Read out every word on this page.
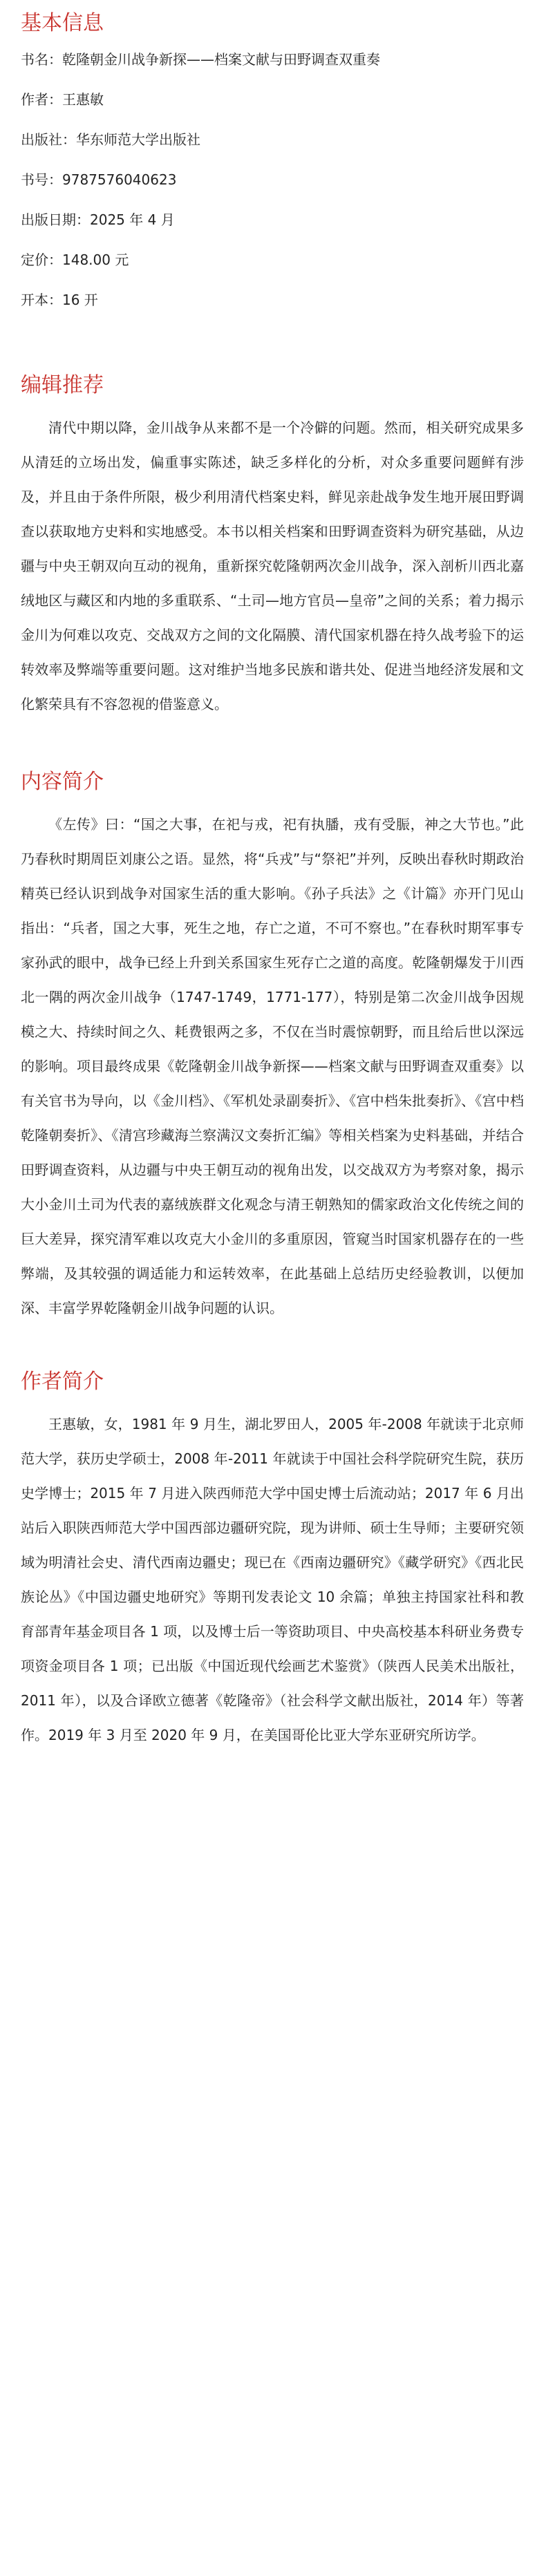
基本信息

书名：乾隆朝金川战争新探——档案文献与田野调查双重奏

作者：王惠敏

出版社：华东师范大学出版社

书号：9787576040623

出版日期：2025 年 4 月

定价：148.00 元

开本：16 开

编辑推荐

清代中期以降，金川战争从来都不是一个冷僻的问题。然而，相关研究成果多从清廷的立场出发，偏重事实陈述，缺乏多样化的分析，对众多重要问题鲜有涉及，并且由于条件所限，极少利用清代档案史料，鲜见亲赴战争发生地开展田野调查以获取地方史料和实地感受。本书以相关档案和田野调查资料为研究基础，从边疆与中央王朝双向互动的视角，重新探究乾隆朝两次金川战争，深入剖析川西北嘉绒地区与藏区和内地的多重联系、“土司—地方官员—皇帝”之间的关系；着力揭示金川为何难以攻克、交战双方之间的文化隔膜、清代国家机器在持久战考验下的运转效率及弊端等重要问题。这对维护当地多民族和谐共处、促进当地经济发展和文化繁荣具有不容忽视的借鉴意义。

内容简介

《左传》曰：“国之大事，在祀与戎，祀有执膰，戎有受脤，神之大节也。”此乃春秋时期周臣刘康公之语。显然，将“兵戎”与“祭祀”并列，反映出春秋时期政治精英已经认识到战争对国家生活的重大影响。《孙子兵法》之《计篇》亦开门见山指出：“兵者，国之大事，死生之地，存亡之道，不可不察也。”在春秋时期军事专家孙武的眼中，战争已经上升到关系国家生死存亡之道的高度。乾隆朝爆发于川西北一隅的两次金川战争（1747-1749，1771-177），特别是第二次金川战争因规模之大、持续时间之久、耗费银两之多，不仅在当时震惊朝野，而且给后世以深远的影响。项目最终成果《乾隆朝金川战争新探——档案文献与田野调查双重奏》以有关官书为导向，以《金川档》、《军机处录副奏折》、《宫中档朱批奏折》、《宫中档乾隆朝奏折》、《清宫珍藏海兰察满汉文奏折汇编》等相关档案为史料基础，并结合田野调查资料，从边疆与中央王朝互动的视角出发，以交战双方为考察对象，揭示大小金川土司为代表的嘉绒族群文化观念与清王朝熟知的儒家政治文化传统之间的巨大差异，探究清军难以攻克大小金川的多重原因，管窥当时国家机器存在的一些弊端，及其较强的调适能力和运转效率，在此基础上总结历史经验教训，以便加深、丰富学界乾隆朝金川战争问题的认识。

作者简介

王惠敏，女，1981 年 9 月生，湖北罗田人，2005 年-2008 年就读于北京师范大学，获历史学硕士，2008 年-2011 年就读于中国社会科学院研究生院，获历史学博士；2015 年 7 月进入陕西师范大学中国史博士后流动站；2017 年 6 月出站后入职陕西师范大学中国西部边疆研究院，现为讲师、硕士生导师；主要研究领域为明清社会史、清代西南边疆史；现已在《西南边疆研究》《藏学研究》《西北民族论丛》《中国边疆史地研究》等期刊发表论文 10 余篇；单独主持国家社科和教育部青年基金项目各 1 项，以及博士后一等资助项目、中央高校基本科研业务费专项资金项目各 1 项；已出版《中国近现代绘画艺术鉴赏》（陕西人民美术出版社，2011 年），以及合译欧立德著《乾隆帝》（社会科学文献出版社，2014 年）等著作。2019 年 3 月至 2020 年 9 月，在美国哥伦比亚大学东亚研究所访学。
